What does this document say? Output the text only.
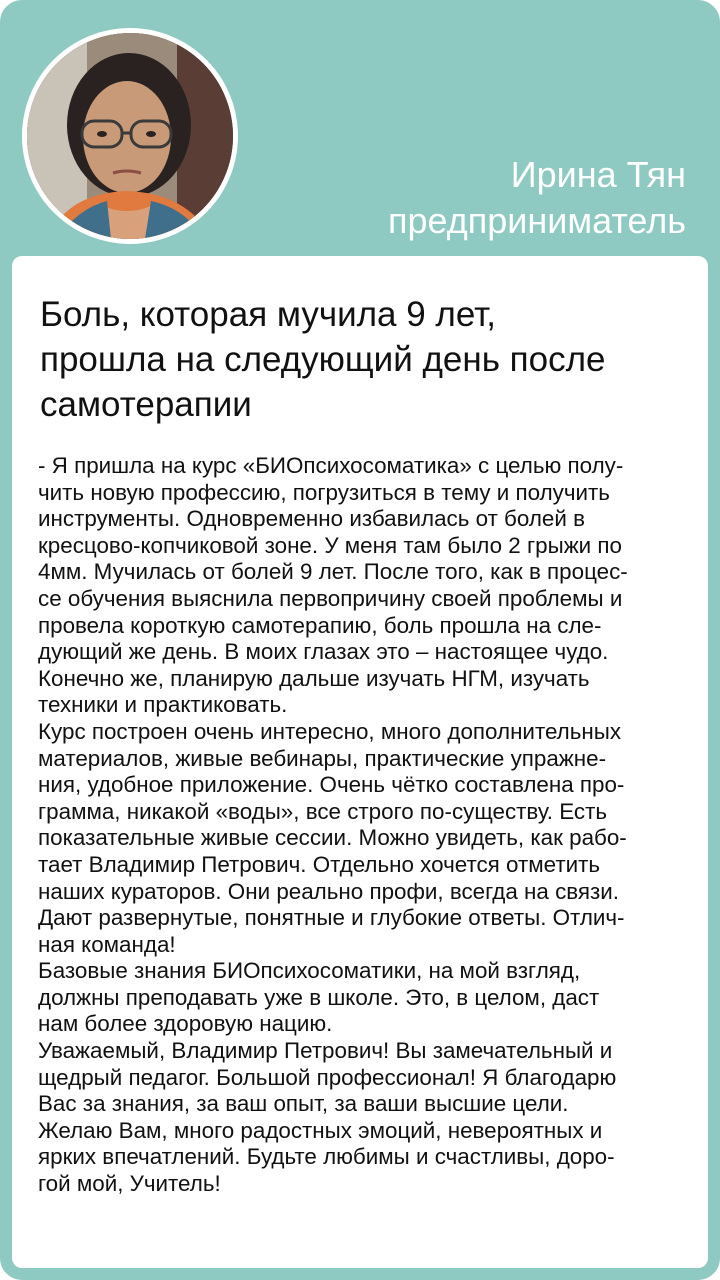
Ирина Тян
предприниматель
Боль, которая мучила 9 лет,
прошла на следующий день после
самотерапии
- Я пришла на курс «БИОпсихосоматика» с целью полу-
чить новую профессию, погрузиться в тему и получить
инструменты. Одновременно избавилась от болей в
кресцово-копчиковой зоне. У меня там было 2 грыжи по
4мм. Мучилась от болей 9 лет. После того, как в процес-
се обучения выяснила первопричину своей проблемы и
провела короткую самотерапию, боль прошла на сле-
дующий же день. В моих глазах это – настоящее чудо.
Конечно же, планирую дальше изучать НГМ, изучать
техники и практиковать.
Курс построен очень интересно, много дополнительных
материалов, живые вебинары, практические упражне-
ния, удобное приложение. Очень чётко составлена про-
грамма, никакой «воды», все строго по-существу. Есть
показательные живые сессии. Можно увидеть, как рабо-
тает Владимир Петрович. Отдельно хочется отметить
наших кураторов. Они реально профи, всегда на связи.
Дают развернутые, понятные и глубокие ответы. Отлич-
ная команда!
Базовые знания БИОпсихосоматики, на мой взгляд,
должны преподавать уже в школе. Это, в целом, даст
нам более здоровую нацию.
Уважаемый, Владимир Петрович! Вы замечательный и
щедрый педагог. Большой профессионал! Я благодарю
Вас за знания, за ваш опыт, за ваши высшие цели.
Желаю Вам, много радостных эмоций, невероятных и
ярких впечатлений. Будьте любимы и счастливы, доро-
гой мой, Учитель!
